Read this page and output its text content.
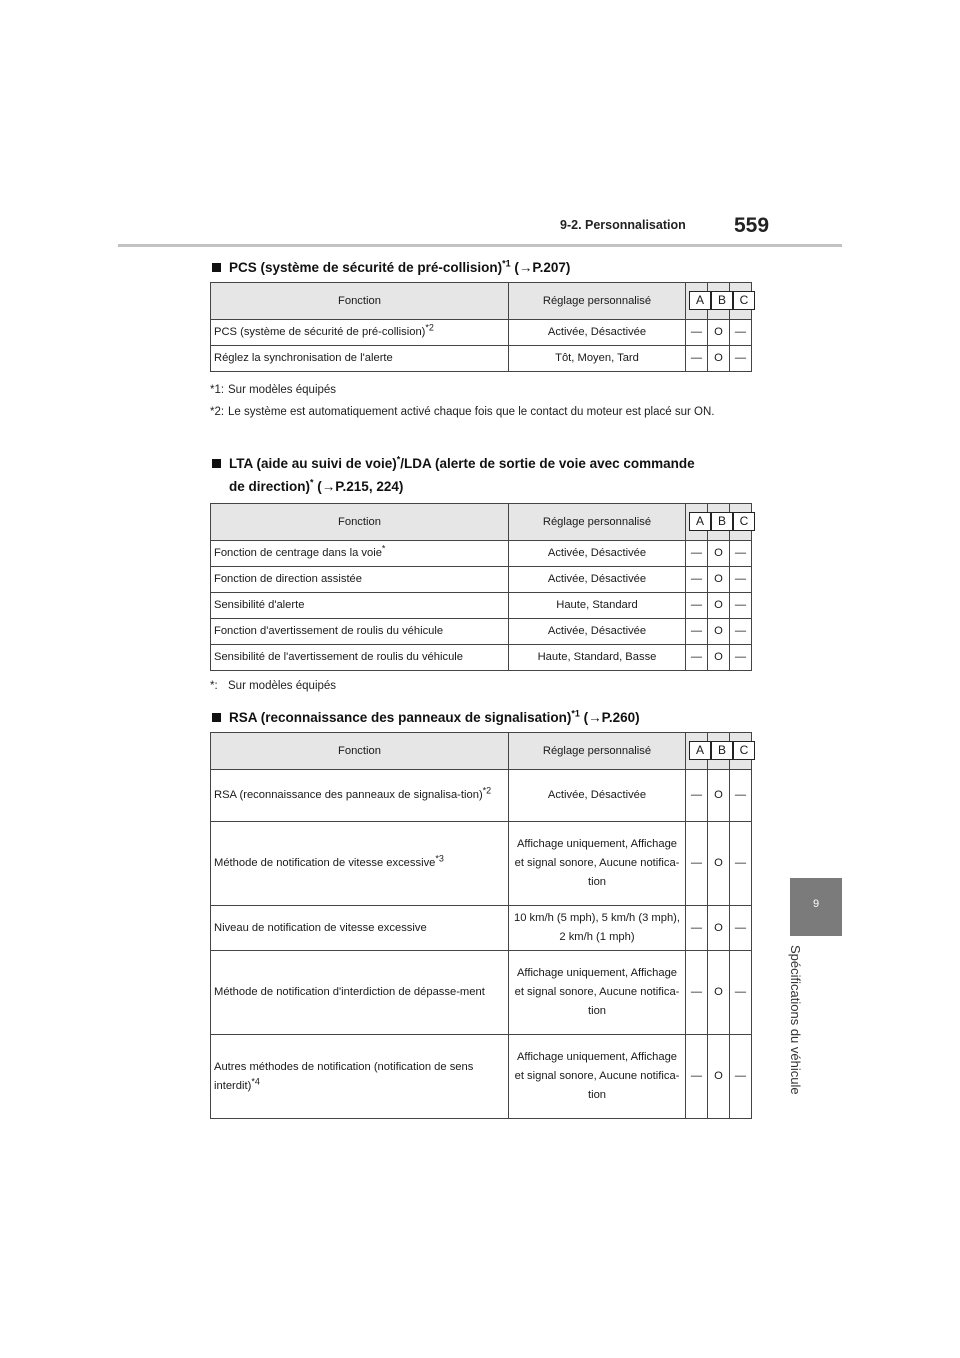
9-2. Personnalisation 559
9
Spécifications du véhicule
PCS (système de sécurité de pré-collision)$^{*1}$ (→P.207)
Fonction	Réglage personnalisé	A	B	C
PCS (système de sécurité de pré-collision)$^{*2}$	Activée, Désactivée	—	O	—
Réglez la synchronisation de l'alerte	Tôt, Moyen, Tard	—	O	—
*1: Sur modèles équipés
*2: Le système est automatiquement activé chaque fois que le contact du moteur est placé sur ON.
LTA (aide au suivi de voie)*/LDA (alerte de sortie de voie avec commande
de direction)* (→P.215, 224)
Fonction	Réglage personnalisé	A	B	C
Fonction de centrage dans la voie*	Activée, Désactivée	—	O	—
Fonction de direction assistée	Activée, Désactivée	—	O	—
Sensibilité d'alerte	Haute, Standard	—	O	—
Fonction d'avertissement de roulis du véhicule	Activée, Désactivée	—	O	—
Sensibilité de l'avertissement de roulis du véhicule	Haute, Standard, Basse	—	O	—
*: Sur modèles équipés
RSA (reconnaissance des panneaux de signalisation)$^{*1}$ (→P.260)
Fonction	Réglage personnalisé	A	B	C
RSA (reconnaissance des panneaux de signalisa-tion)$^{*2}$	Activée, Désactivée	—	O	—
Méthode de notification de vitesse excessive$^{*3}$	Affichage uniquement, Affichage et signal sonore, Aucune notifica-tion	—	O	—
Niveau de notification de vitesse excessive	10 km/h (5 mph), 5 km/h (3 mph), 2 km/h (1 mph)	—	O	—
Méthode de notification d'interdiction de dépasse-ment	Affichage uniquement, Affichage et signal sonore, Aucune notifica-tion	—	O	—
Autres méthodes de notification (notification de sens interdit)$^{*4}$	Affichage uniquement, Affichage et signal sonore, Aucune notifica-tion	—	O	—
